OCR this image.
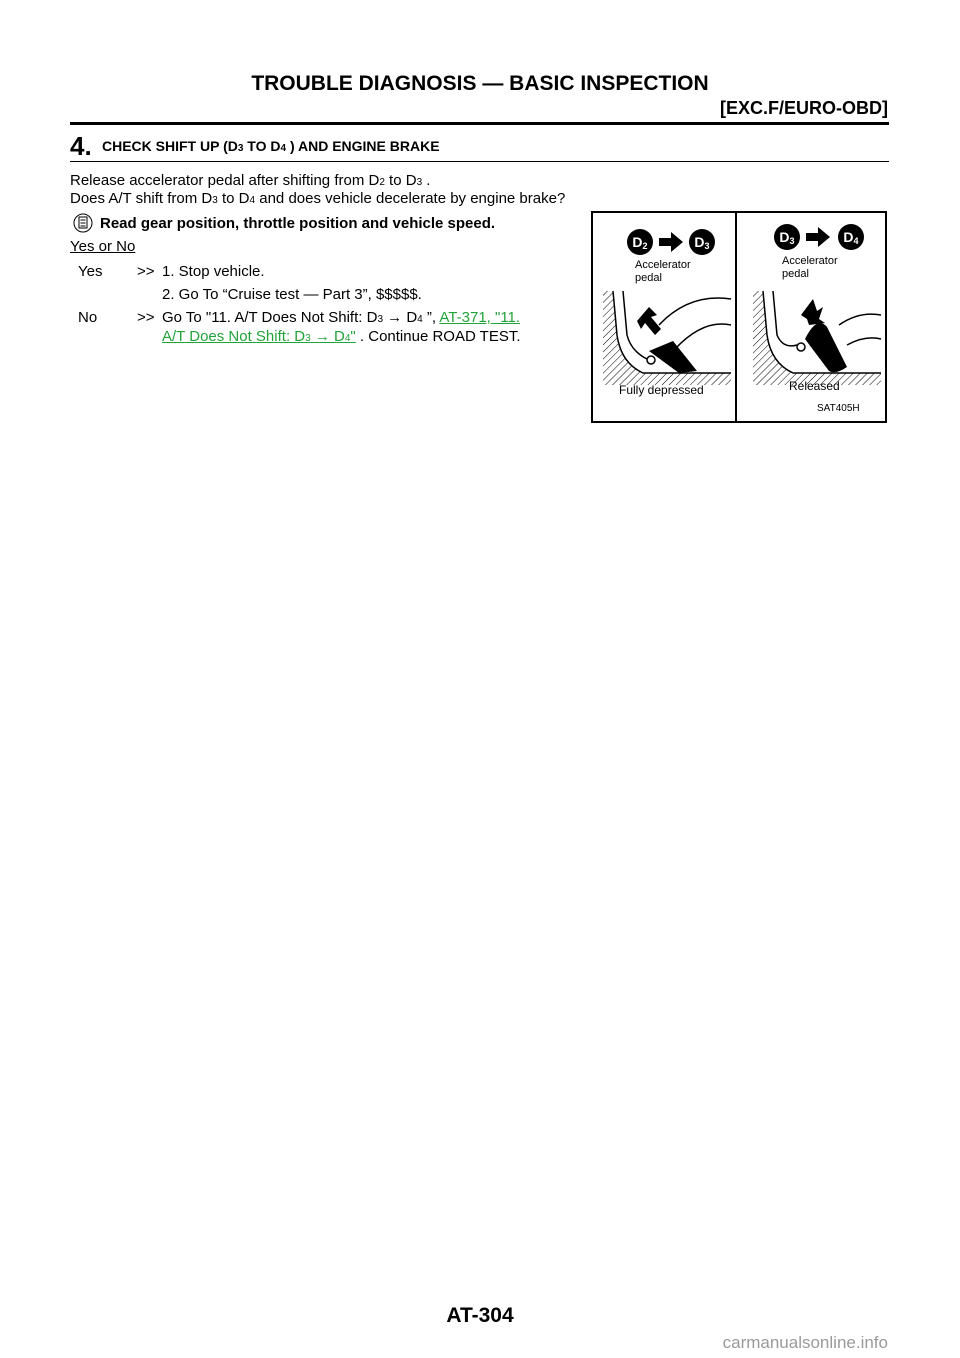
TROUBLE DIAGNOSIS — BASIC INSPECTION
[EXC.F/EURO-OBD]
4. CHECK SHIFT UP (D3 TO D4 ) AND ENGINE BRAKE
Release accelerator pedal after shifting from D2 to D3 .
Does A/T shift from D3 to D4 and does vehicle decelerate by engine brake?
Read gear position, throttle position and vehicle speed.
Yes or No
Yes >> 1. Stop vehicle.
2. Go To “Cruise test — Part 3”, $$$$$.
No	>> Go To "11. A/T Does Not Shift: D3 → D4 ”, AT-371, "11.
A/T Does Not Shift: D3 → D4" . Continue ROAD TEST.
$D_2$	$D_3$
$D_3$	$D_4$
Accelerator
pedal
Accelerator
pedal
Fully depressed	Released
SAT405H
AT-304
carmanualsonline.info
